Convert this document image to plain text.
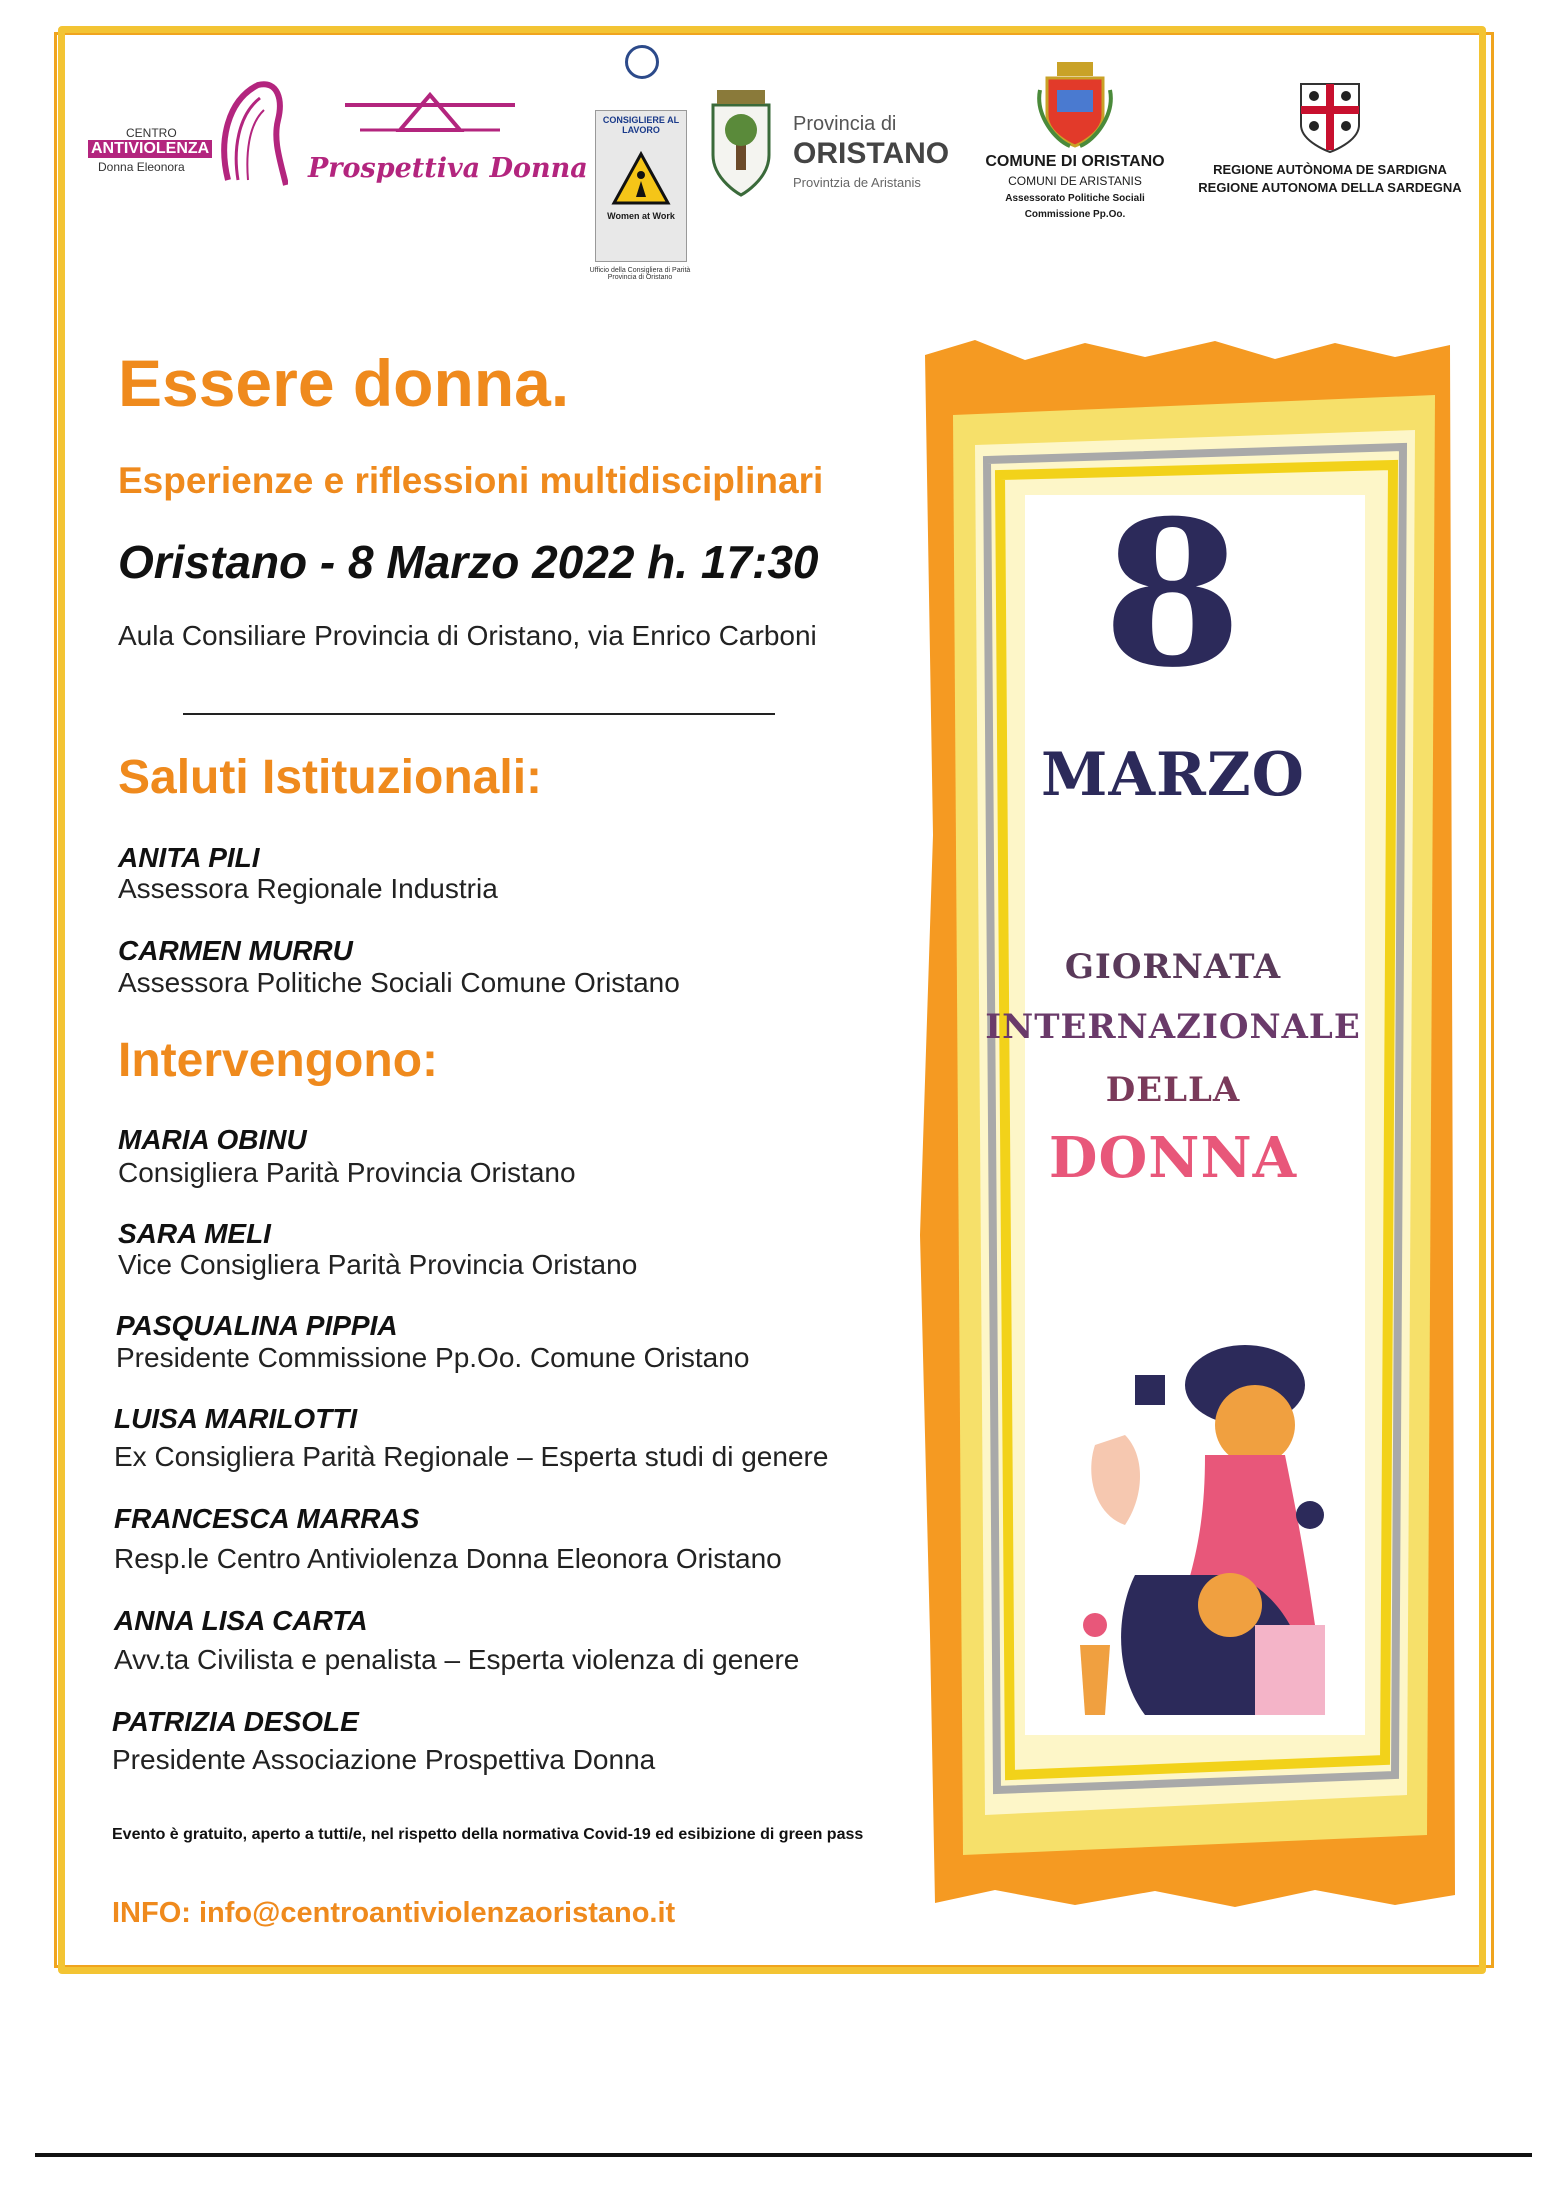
CENTRO
ANTIVIOLENZA
Donna Eleonora	Prospettiva Donna
CONSIGLIERE AL LAVORO
Women at Work
Ufficio della Consigliera di Parità Provincia di Oristano
Provincia di
ORISTANO
Provintzia de Aristanis
COMUNE DI ORISTANO
COMUNI DE ARISTANIS
Assessorato Politiche Sociali
Commissione Pp.Oo.
REGIONE AUTÒNOMA DE SARDIGNA
REGIONE AUTONOMA DELLA SARDEGNA
Essere donna.
Esperienze e riflessioni multidisciplinari
Oristano - 8 Marzo 2022 h. 17:30
Aula Consiliare Provincia di Oristano, via Enrico Carboni
Saluti Istituzionali:
ANITA PILI
Assessora Regionale Industria
CARMEN MURRU
Assessora Politiche Sociali Comune Oristano
Intervengono:
MARIA OBINU
Consigliera Parità Provincia Oristano
SARA MELI
Vice Consigliera Parità Provincia Oristano
PASQUALINA PIPPIA
Presidente Commissione Pp.Oo. Comune Oristano
LUISA MARILOTTI
Ex Consigliera Parità Regionale – Esperta studi di genere
FRANCESCA MARRAS
Resp.le Centro Antiviolenza Donna Eleonora Oristano
ANNA LISA CARTA
Avv.ta Civilista e penalista – Esperta violenza di genere
PATRIZIA DESOLE
Presidente Associazione Prospettiva Donna
Evento è gratuito, aperto a tutti/e, nel rispetto della normativa Covid-19 ed esibizione di green pass
INFO: info@centroantiviolenzaoristano.it
8
MARZO
GIORNATA
INTERNAZIONALE
DELLA
DONNA
